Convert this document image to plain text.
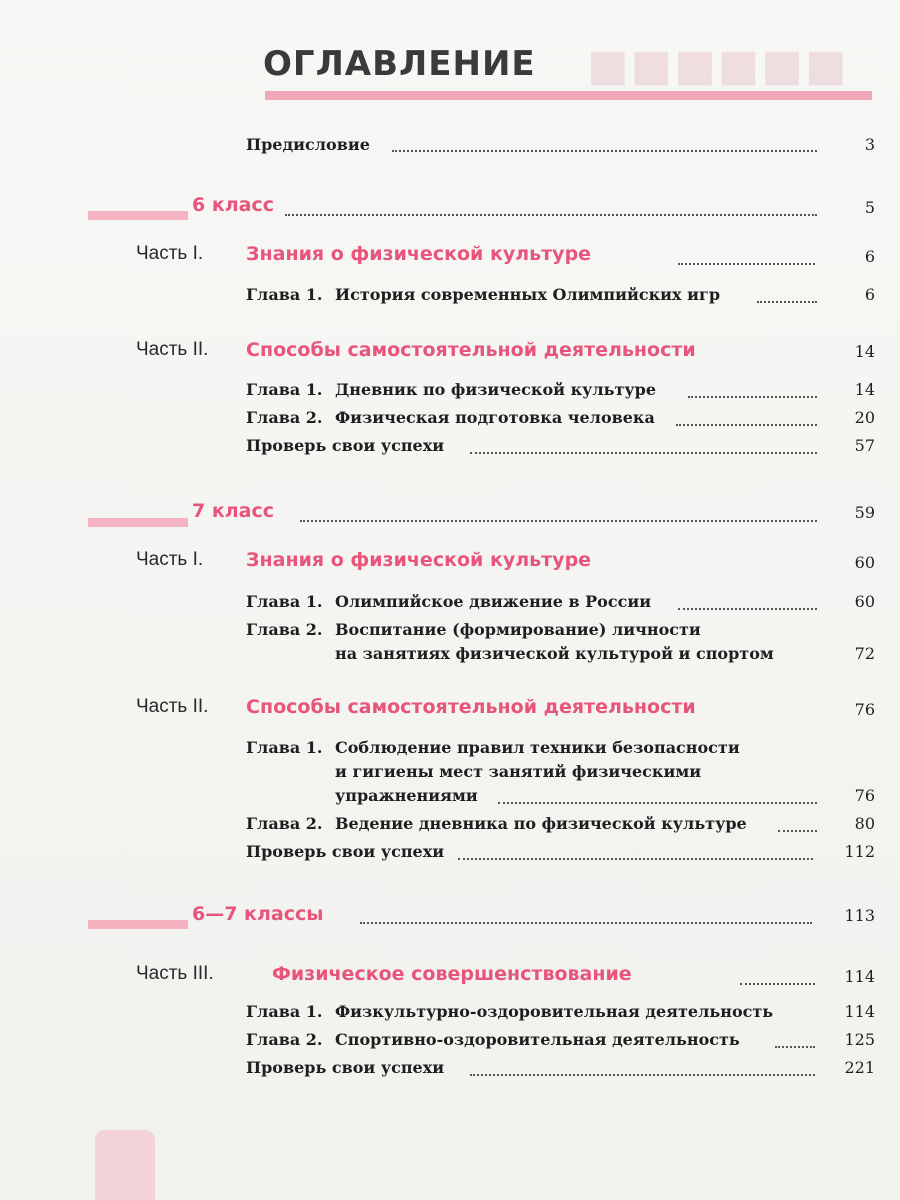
■■■■■■
ОГЛАВЛЕНИЕ
Предисловие	3
6 класс	5
Часть I. Знания о физической культуре	6
Глава 1. История современных Олимпийских игр	6
Часть II. Способы самостоятельной деятельности	14
Глава 1. Дневник по физической культуре	14
Глава 2. Физическая подготовка человека	20
Проверь свои успехи	57
7 класс	59
Часть I. Знания о физической культуре	60
Глава 1. Олимпийское движение в России	60
Глава 2. Воспитание (формирование) личности
на занятиях физической культурой и спортом	72
Часть II. Способы самостоятельной деятельности	76
Глава 1. Соблюдение правил техники безопасности
и гигиены мест занятий физическими
упражнениями	76
Глава 2. Ведение дневника по физической культуре	80
Проверь свои успехи	112
6—7 классы	113
Часть III.	Физическое совершенствование	114
Глава 1. Физкультурно-оздоровительная деятельность	114
Глава 2. Спортивно-оздоровительная деятельность	125
Проверь свои успехи	221
